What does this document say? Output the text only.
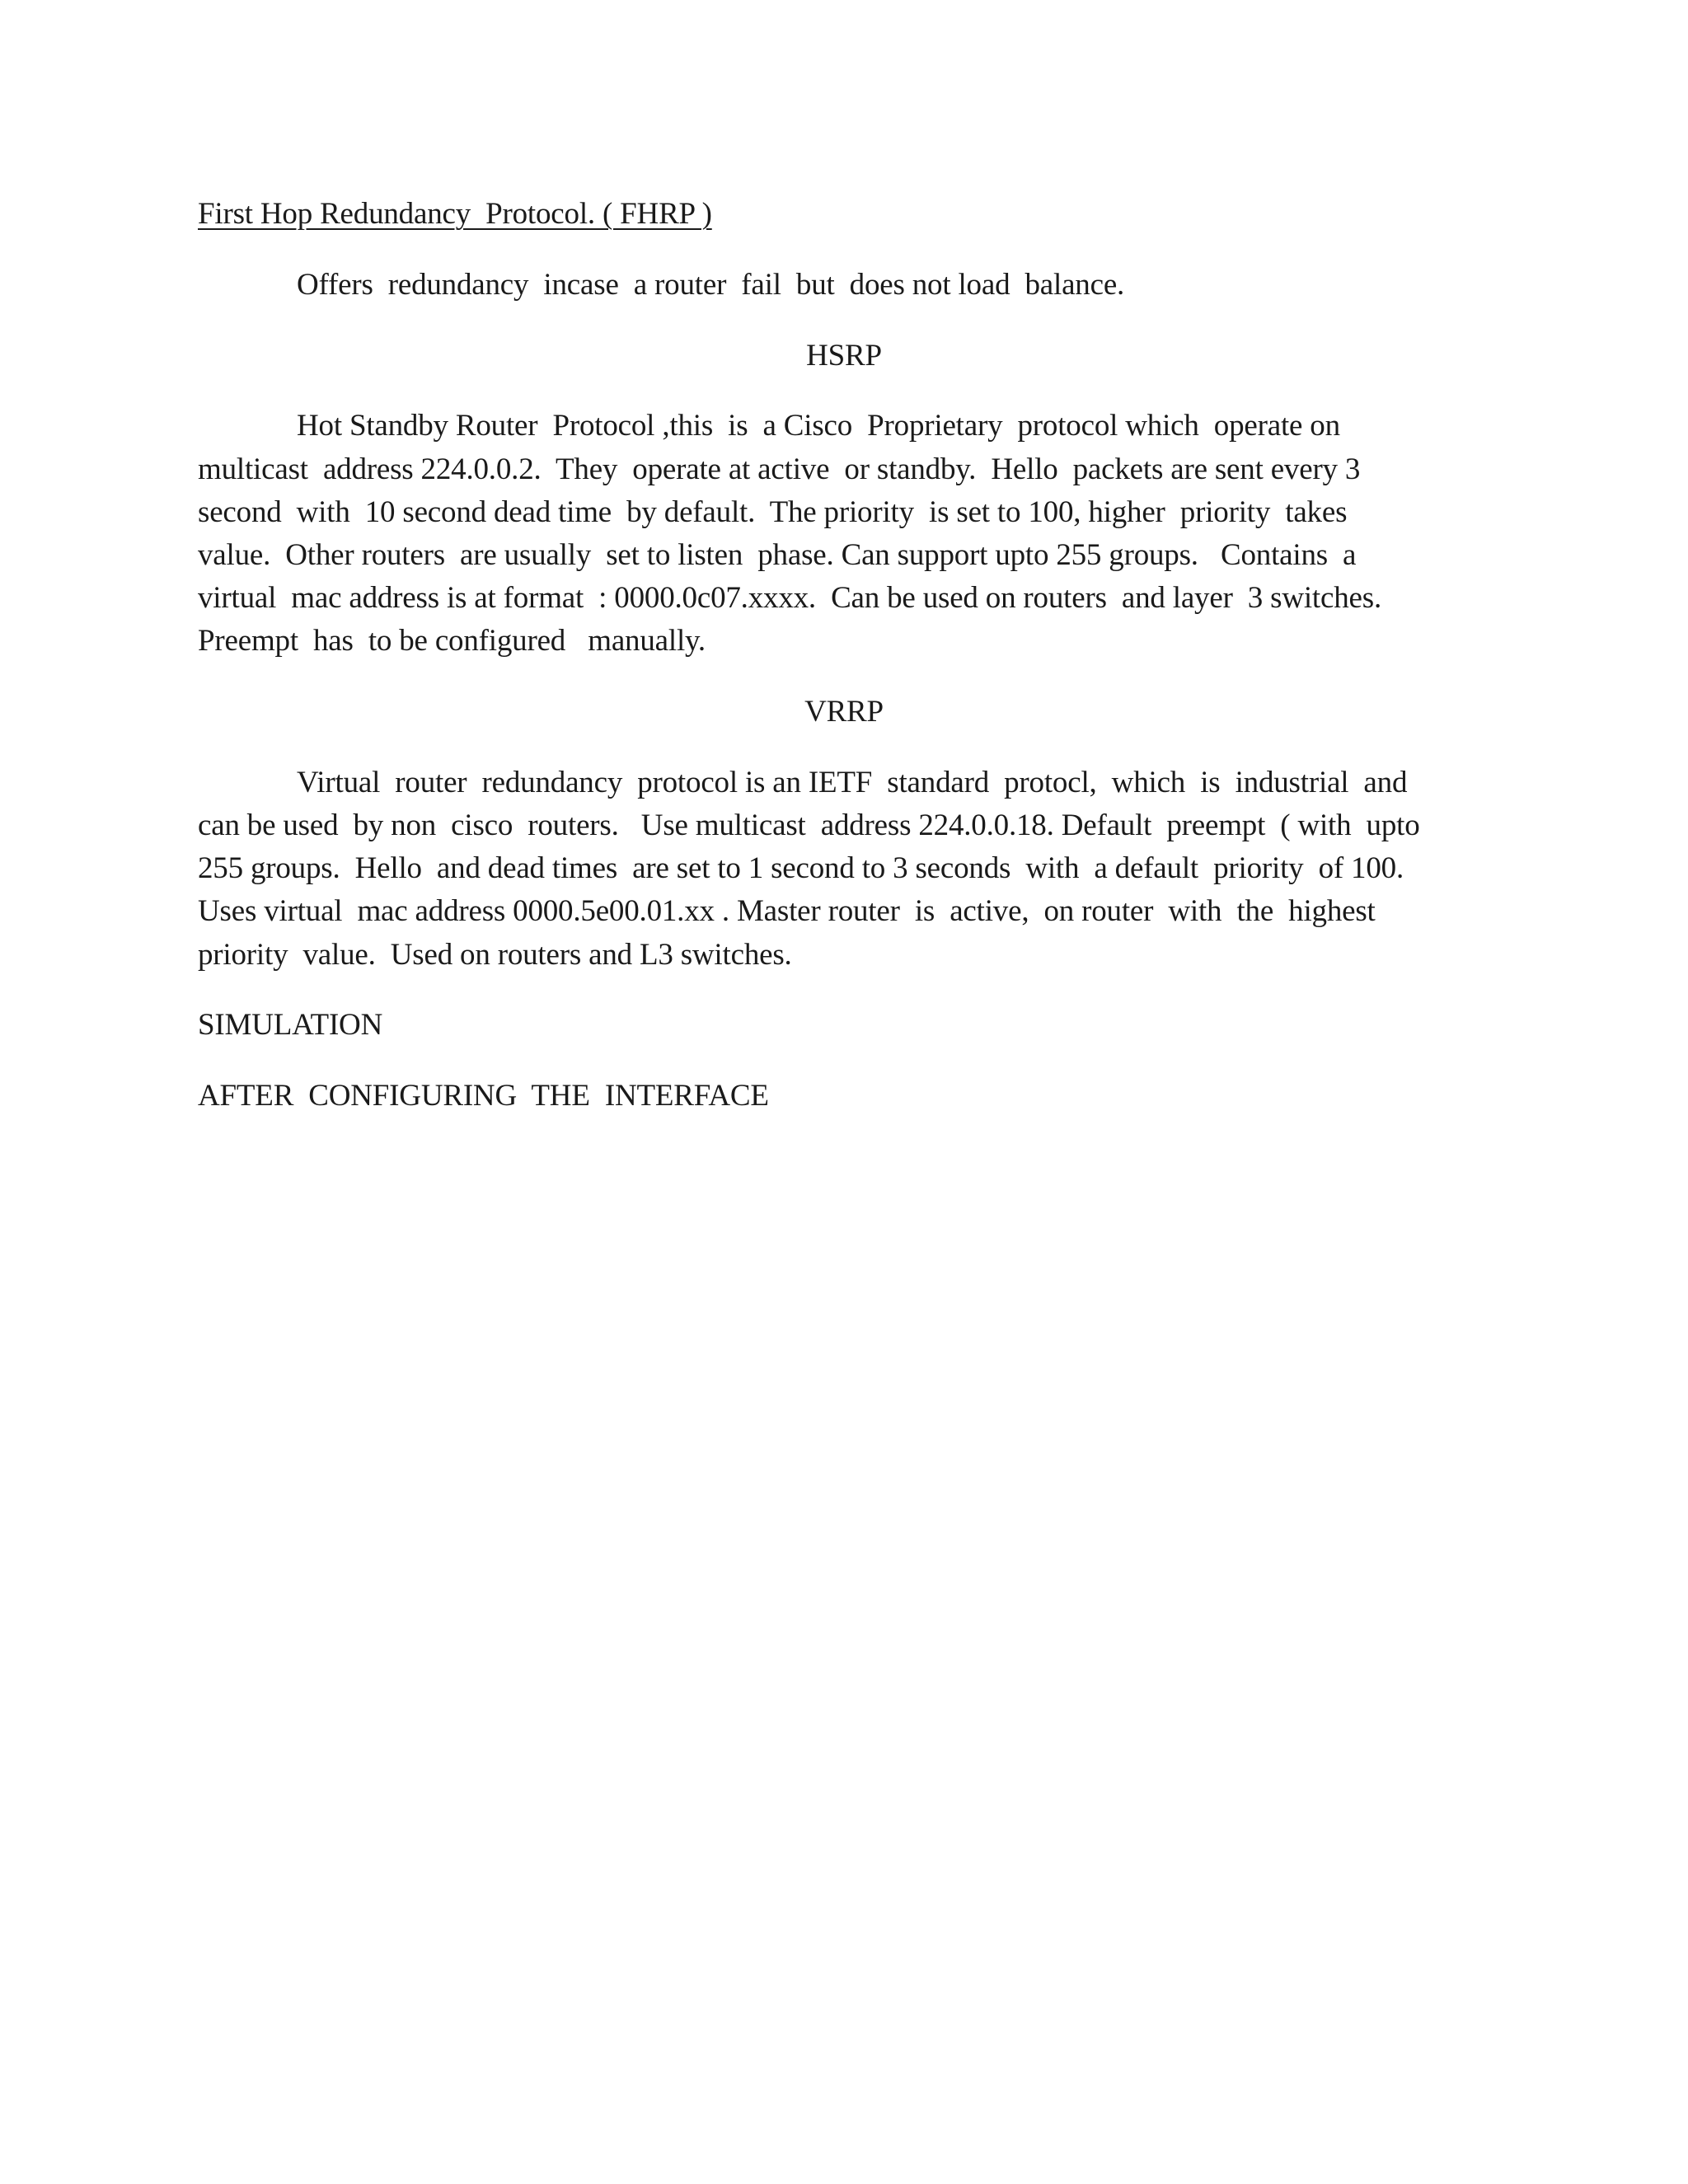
First Hop Redundancy  Protocol. ( FHRP )
Offers  redundancy  incase  a router  fail  but  does not load  balance.
HSRP
Hot Standby Router  Protocol ,this  is  a Cisco  Proprietary  protocol which  operate on
multicast  address 224.0.0.2.  They  operate at active  or standby.  Hello  packets are sent every 3
second  with  10 second dead time  by default.  The priority  is set to 100, higher  priority  takes
value.  Other routers  are usually  set to listen  phase. Can support upto 255 groups.   Contains  a
virtual  mac address is at format  : 0000.0c07.xxxx.  Can be used on routers  and layer  3 switches.
Preempt  has  to be configured   manually.
VRRP
Virtual  router  redundancy  protocol is an IETF  standard  protocl,  which  is  industrial  and
can be used  by non  cisco  routers.   Use multicast  address 224.0.0.18. Default  preempt  ( with  upto
255 groups.  Hello  and dead times  are set to 1 second to 3 seconds  with  a default  priority  of 100.
Uses virtual  mac address 0000.5e00.01.xx . Master router  is  active,  on router  with  the  highest
priority  value.  Used on routers and L3 switches.
SIMULATION
AFTER  CONFIGURING  THE  INTERFACE
